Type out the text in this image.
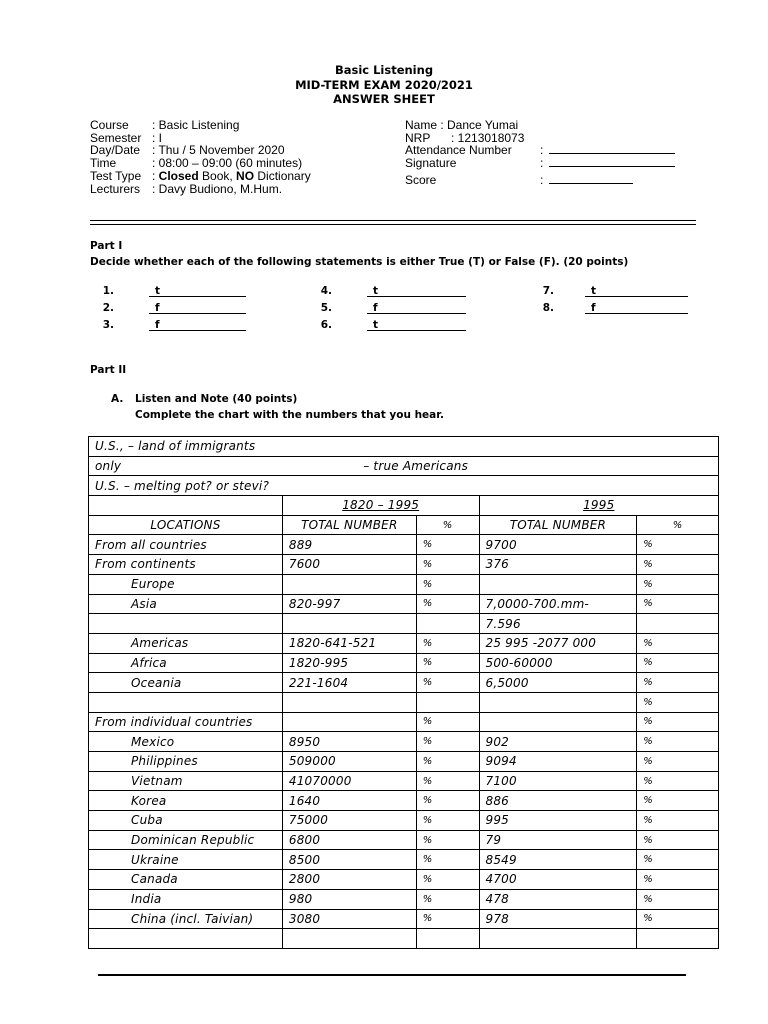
Basic Listening
MID-TERM EXAM 2020/2021
ANSWER SHEET
Course : Basic Listening
Semester : I
Day/Date : Thu / 5 November 2020
Time	: 08:00 – 09:00 (60 minutes)
Test Type : Closed Book, NO Dictionary
Lecturers : Davy Budiono, M.Hum.
Name : Dance Yumai
NRP : 1213018073
Attendance Number :
Signature	:
Score	:
Part I
Decide whether each of the following statements is either True (T) or False (F). (20 points)
1.	t
2.	f
3.	f
4.	t
5.	f
6.	t
7.	t
8.	f
Part II
A. Listen and Note (40 points)
Complete the chart with the numbers that you hear.
U.S., – land of immigrants				
only – true Americans				
U.S. – melting pot? or stevi?				
	1820 – 1995		1995	
LOCATIONS	TOTAL NUMBER	%	TOTAL NUMBER	%
From all countries	889	%	9700	%
From continents	7600	%	376	%
Europe		%		%
Asia	820-997	%	7,0000-700.mm-	%
			7.596	
Americas	1820-641-521	%	25 995 -2077 000	%
Africa	1820-995	%	500-60000	%
Oceania	221-1604	%	6,5000	%
				%
From individual countries		%		%
Mexico	8950	%	902	%
Philippines	509000	%	9094	%
Vietnam	41070000	%	7100	%
Korea	1640	%	886	%
Cuba	75000	%	995	%
Dominican Republic	6800	%	79	%
Ukraine	8500	%	8549	%
Canada	2800	%	4700	%
India	980	%	478	%
China (incl. Taivian)	3080	%	978	%
